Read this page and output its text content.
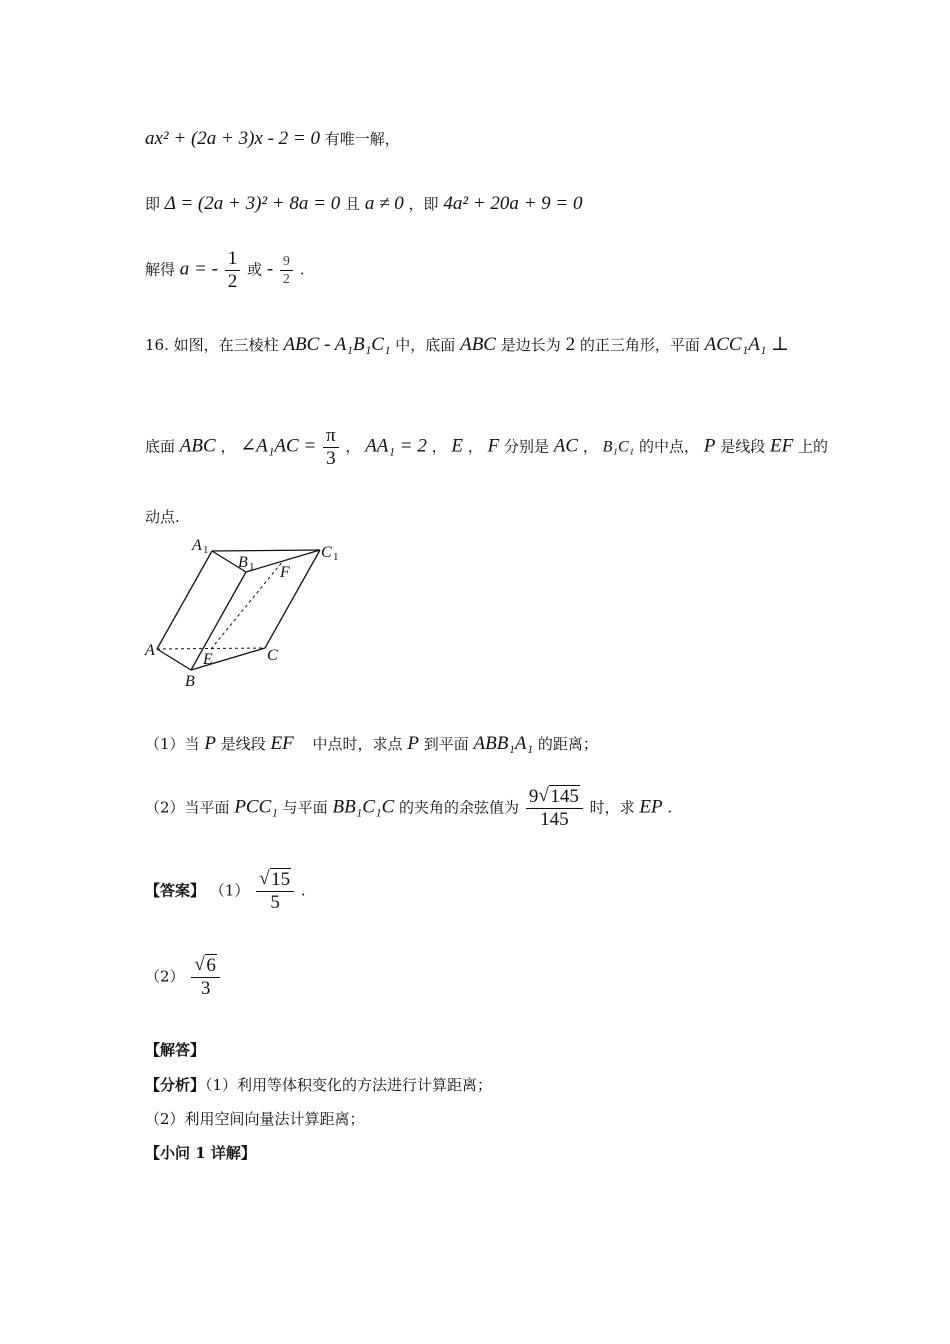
ax² + (2a + 3)x - 2 = 0 有唯一解，
即 Δ = (2a + 3)² + 8a = 0 且 a ≠ 0 ，即 4a² + 20a + 9 = 0
解得 a = - $\frac{1}{2}$ 或 - $\frac{9}{2}$ .
16. 如图，在三棱柱 ABC - A₁B₁C₁ 中，底面 ABC 是边长为 2 的正三角形，平面 ACC₁A₁ ⊥
底面 ABC ， ∠A₁AC = $\frac{\pi}{3}$ ， AA₁ = 2 ， E ， F 分别是 AC ， B₁C₁ 的中点， P 是线段 EF 上的
动点.
A 1
B 1
C 1
F
A
E	C
B
（1）当 P 是线段 EF 中点时，求点 P 到平面 ABB₁A₁ 的距离；
（2）当平面 PCC₁ 与平面 BB₁C₁C 的夹角的余弦值为 $\frac{9 √ 145}{145}$ 时，求 EP .
【答案】 （1） √ $\frac{15}{5}$ .
（2） √ $\frac{6}{3}$
【解答】
【分析】（1）利用等体积变化的方法进行计算距离；
（2）利用空间向量法计算距离；
【小问 1 详解】
